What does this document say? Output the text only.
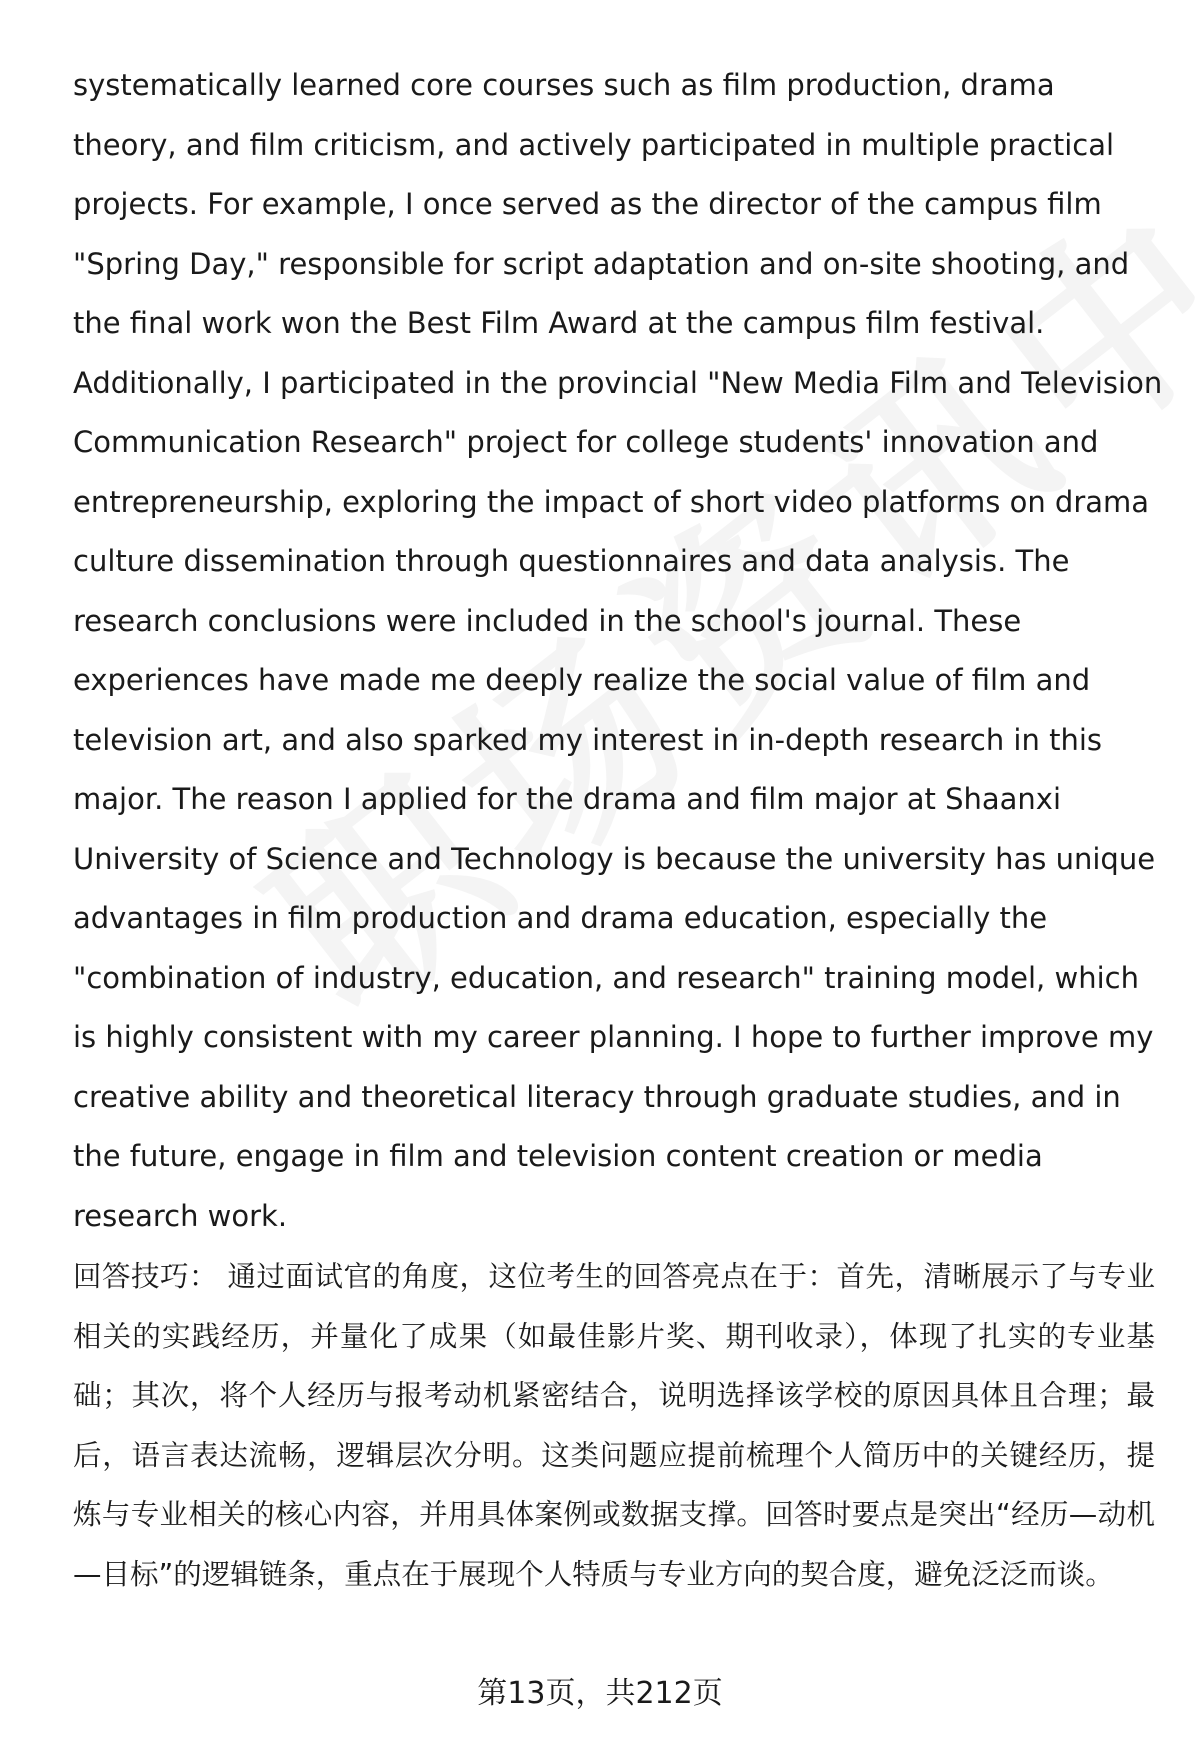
systematically learned core courses such as film production, drama theory, and film criticism, and actively participated in multiple practical projects. For example, I once served as the director of the campus film "Spring Day," responsible for script adaptation and on-site shooting, and the final work won the Best Film Award at the campus film festival. Additionally, I participated in the provincial "New Media Film and Television Communication Research" project for college students' innovation and entrepreneurship, exploring the impact of short video platforms on drama culture dissemination through questionnaires and data analysis. The research conclusions were included in the school's journal. These experiences have made me deeply realize the social value of film and television art, and also sparked my interest in in-depth research in this major. The reason I applied for the drama and film major at Shaanxi University of Science and Technology is because the university has unique advantages in film production and drama education, especially the "combination of industry, education, and research" training model, which is highly consistent with my career planning. I hope to further improve my creative ability and theoretical literacy through graduate studies, and in the future, engage in film and television content creation or media research work.

回答技巧： 通过面试官的角度，这位考生的回答亮点在于：首先，清晰展示了与专业相关的实践经历，并量化了成果（如最佳影片奖、期刊收录），体现了扎实的专业基础；其次，将个人经历与报考动机紧密结合，说明选择该学校的原因具体且合理；最后，语言表达流畅，逻辑层次分明。这类问题应提前梳理个人简历中的关键经历，提炼与专业相关的核心内容，并用具体案例或数据支撑。回答时要点是突出“经历—动机—目标”的逻辑链条，重点在于展现个人特质与专业方向的契合度，避免泛泛而谈。

第13页，共212页
